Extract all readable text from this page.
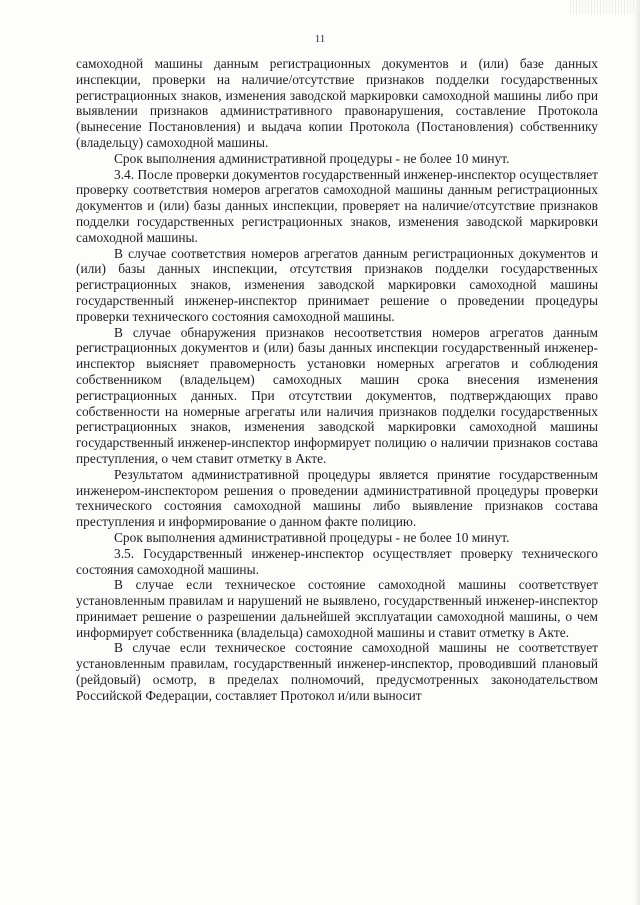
11

самоходной машины данным регистрационных документов и (или) базе данных инспекции, проверки на наличие/отсутствие признаков подделки государственных регистрационных знаков, изменения заводской маркировки самоходной машины либо при выявлении признаков административного правонарушения, составление Протокола (вынесение Постановления) и выдача копии Протокола (Постановления) собственнику (владельцу) самоходной машины.

Срок выполнения административной процедуры - не более 10 минут.

3.4. После проверки документов государственный инженер-инспектор осуществляет проверку соответствия номеров агрегатов самоходной машины данным регистрационных документов и (или) базы данных инспекции, проверяет на наличие/отсутствие признаков подделки государственных регистрационных знаков, изменения заводской маркировки самоходной машины.

В случае соответствия номеров агрегатов данным регистрационных документов и (или) базы данных инспекции, отсутствия признаков подделки государственных регистрационных знаков, изменения заводской маркировки самоходной машины государственный инженер-инспектор принимает решение о проведении процедуры проверки технического состояния самоходной машины.

В случае обнаружения признаков несоответствия номеров агрегатов данным регистрационных документов и (или) базы данных инспекции государственный инженер-инспектор выясняет правомерность установки номерных агрегатов и соблюдения собственником (владельцем) самоходных машин срока внесения изменения регистрационных данных. При отсутствии документов, подтверждающих право собственности на номерные агрегаты или наличия признаков подделки государственных регистрационных знаков, изменения заводской маркировки самоходной машины государственный инженер-инспектор информирует полицию о наличии признаков состава преступления, о чем ставит отметку в Акте.

Результатом административной процедуры является принятие государственным инженером-инспектором решения о проведении административной процедуры проверки технического состояния самоходной машины либо выявление признаков состава преступления и информирование о данном факте полицию.

Срок выполнения административной процедуры - не более 10 минут.

3.5. Государственный инженер-инспектор осуществляет проверку технического состояния самоходной машины.

В случае если техническое состояние самоходной машины соответствует установленным правилам и нарушений не выявлено, государственный инженер-инспектор принимает решение о разрешении дальнейшей эксплуатации самоходной машины, о чем информирует собственника (владельца) самоходной машины и ставит отметку в Акте.

В случае если техническое состояние самоходной машины не соответствует установленным правилам, государственный инженер-инспектор, проводивший плановый (рейдовый) осмотр, в пределах полномочий, предусмотренных законодательством Российской Федерации, составляет Протокол и/или выносит
